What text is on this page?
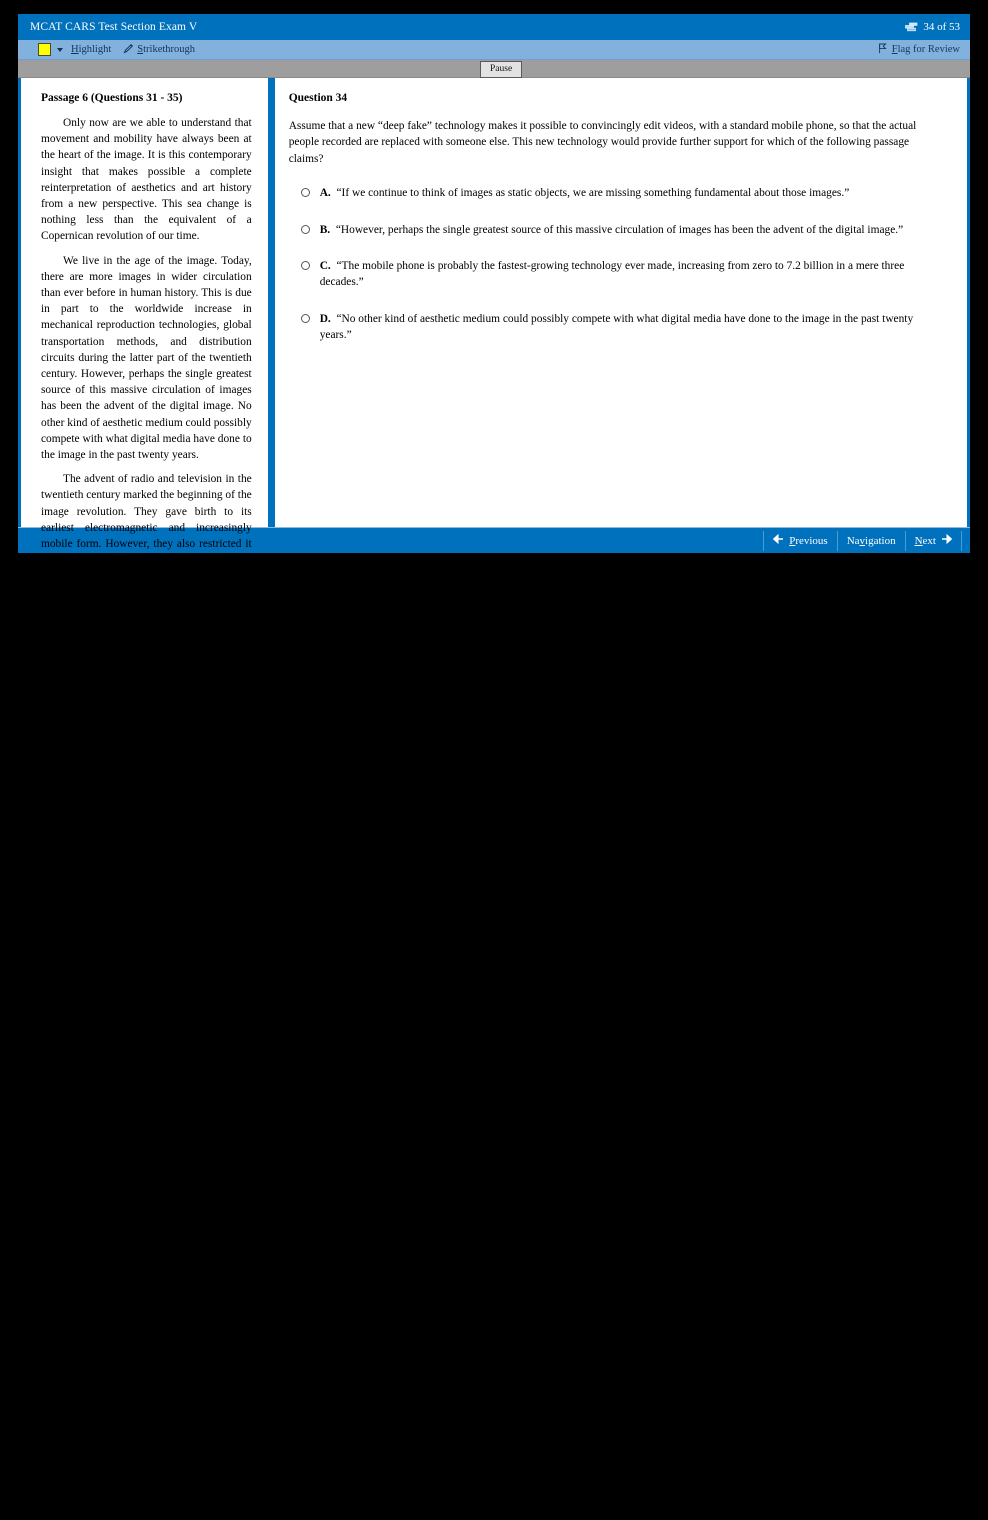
MCAT CARS Test Section Exam V	34 of 53
Highlight Strikethrough	Flag for Review
Pause
Passage 6 (Questions 31 - 35)

Only now are we able to understand that movement and mobility have always been at the heart of the image. It is this contemporary insight that makes possible a complete reinterpretation of aesthetics and art history from a new perspective. This sea change is nothing less than the equivalent of a Copernican revolution of our time.

We live in the age of the image. Today, there are more images in wider circulation than ever before in human history. This is due in part to the worldwide increase in mechanical reproduction technologies, global transportation methods, and distribution circuits during the latter part of the twentieth century. However, perhaps the single greatest source of this massive circulation of images has been the advent of the digital image. No other kind of aesthetic medium could possibly compete with what digital media have done to the image in the past twenty years.

The advent of radio and television in the twentieth century marked the beginning of the image revolution. They gave birth to its earliest electromagnetic and increasingly mobile form. However, they also restricted it to relatively centralized, homogenized, and unidirectional forms. By contrast, the new interactive and bidirectional nature of digital media has expanded the mobility and mutability of the image. With popularization of the internet and mobile devices, at the turn of the twenty-first century, the image has become something not only ubiquitous but also increasingly portable. As of 2014, there were more active mobile devices than there were people on the planet. The mobile phone is probably the fastest-growing technology ever made, increasing from zero to 7.2 billion in a mere three decades. We have entered a new historical-aesthetic regime: the age of the image.

The contemporary mobility of images, made possible by the dominance of the digital image, is not just a quantitative increase in reproduced images. Digital media and the digital image have transformed the qualitative structure of the image itself. Anything can now be digitized, mobilized, and browsed nonlinearly through a single portable device. Anything can now be made responsive and interactive with the viewer through the use of digital software and a continuous flow of electrical current. Something is always lost in transit, however, as the continuity of the electrical flow is converted into digitally discrete 1s and 0s - but the image moves on regardless, sweeping us all along with it.

Our world is now saturated with moving images of all kinds, both analog and digital. In such a world of moving images, aesthetics can no longer be adequately understood by the old paradigm of representation. If we continue to think of images as static objects, we are missing something fundamental about those images: their interactive movement. Images have taken on a growing mobility that shifts back and forth between object and subject, copy and model, transforming and modulating them in a continuous feedback loop. Old theoretical frameworks no longer fit the twenty-first century reality of interactive electrical circulations and continually modulated images. The image is not just a passive semblance of something else; it has a real and material mobility of its own which has been vastly understudied in art history and aesthetics. New empirical realities require new conceptual frameworks that in turn tell us something new about our past: a new aesthetics for our time, an aesthetics of the moving image.

Adapted from T. Nail, Theory of the Image, ©2019 by Oxford University Press.
Question 34
Assume that a new “deep fake” technology makes it possible to convincingly edit videos, with a standard mobile phone, so that the actual people recorded are replaced with someone else. This new technology would provide further support for which of the following passage claims?
A. “If we continue to think of images as static objects, we are missing something fundamental about those images.”
B. “However, perhaps the single greatest source of this massive circulation of images has been the advent of the digital image.”
C. “The mobile phone is probably the fastest-growing technology ever made, increasing from zero to 7.2 billion in a mere three decades.”
D. “No other kind of aesthetic medium could possibly compete with what digital media have done to the image in the past twenty years.”
Previous Navigation Next
